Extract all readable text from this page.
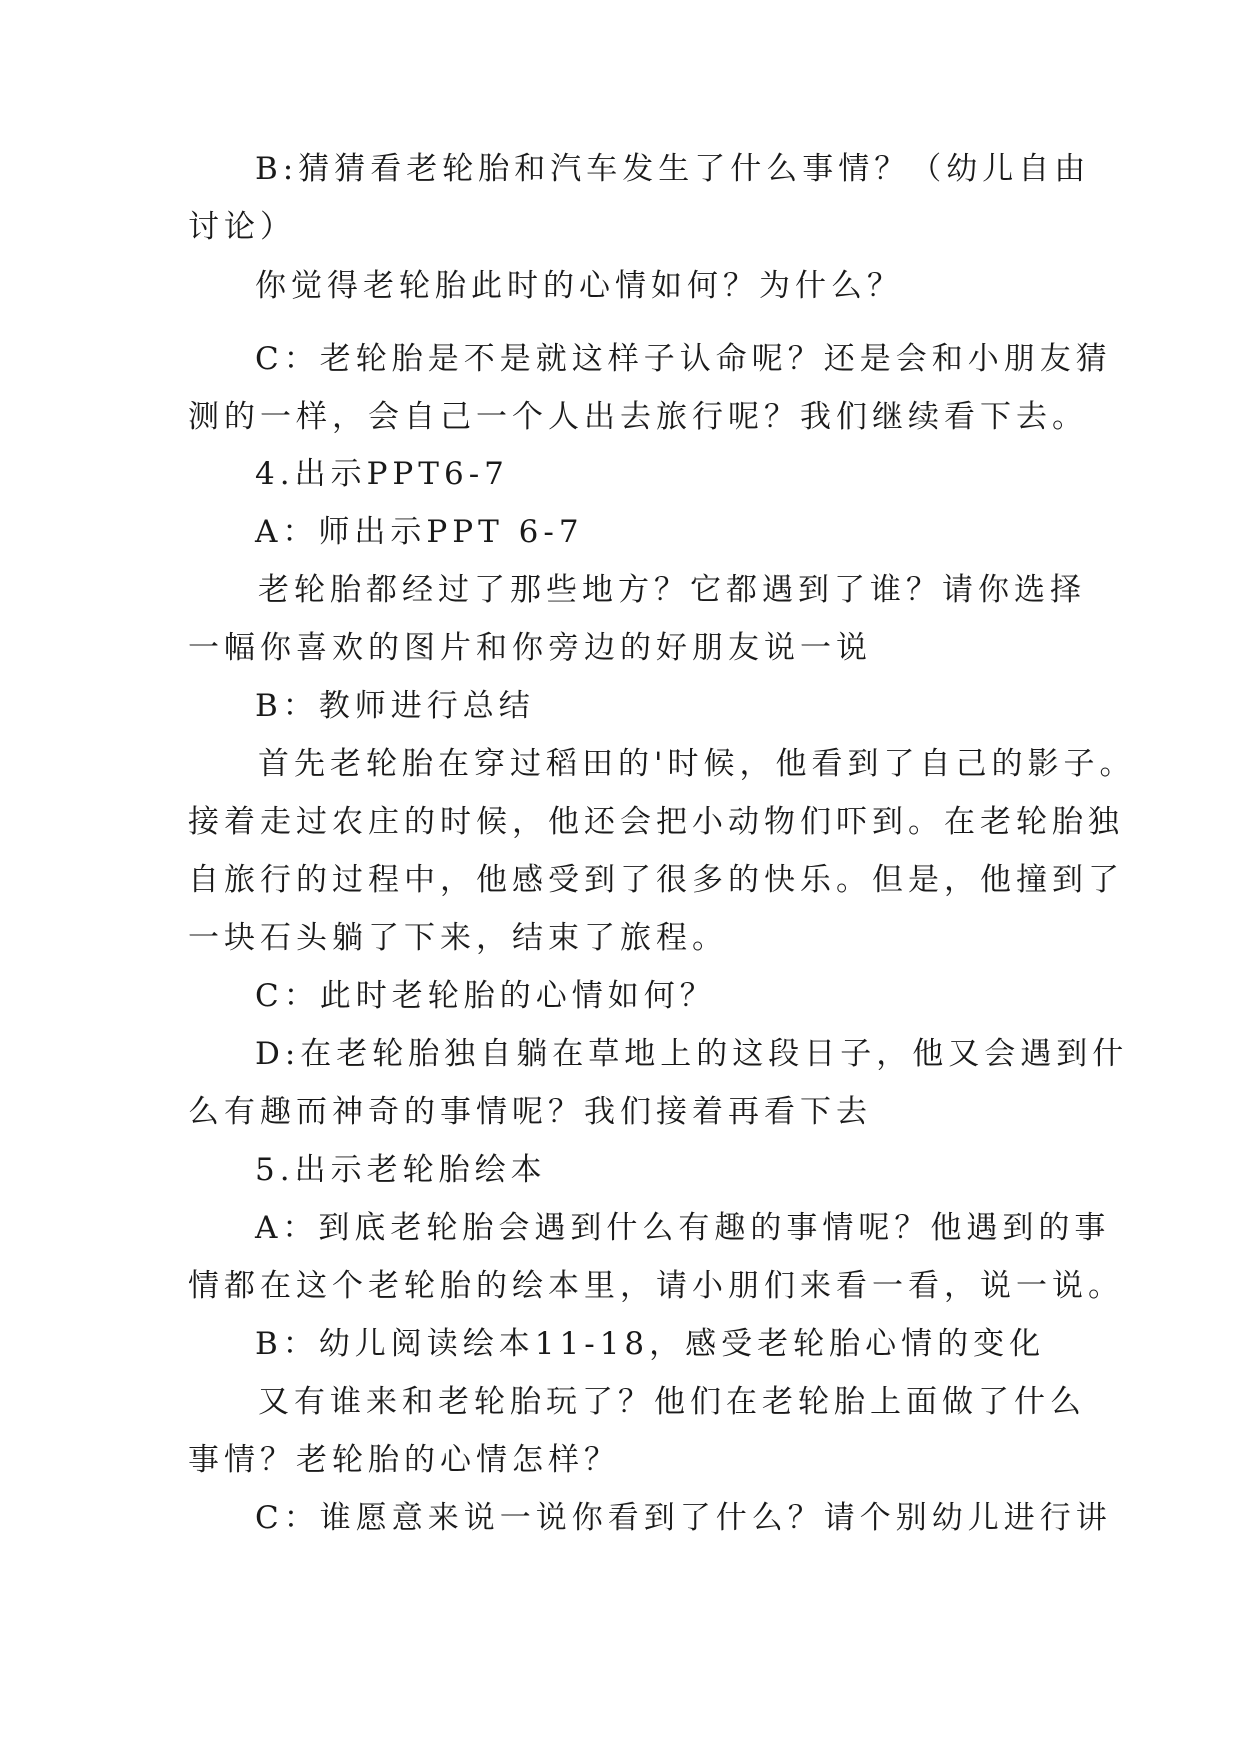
B:猜猜看老轮胎和汽车发生了什么事情？（幼儿自由
讨论）
你觉得老轮胎此时的心情如何？为什么？
C：老轮胎是不是就这样子认命呢？还是会和小朋友猜
测的一样，会自己一个人出去旅行呢？我们继续看下去。
4.出示PPT6-7
A：师出示PPT 6-7
老轮胎都经过了那些地方？它都遇到了谁？请你选择
一幅你喜欢的图片和你旁边的好朋友说一说
B：教师进行总结
首先老轮胎在穿过稻田的'时候，他看到了自己的影子。
接着走过农庄的时候，他还会把小动物们吓到。在老轮胎独
自旅行的过程中，他感受到了很多的快乐。但是，他撞到了
一块石头躺了下来，结束了旅程。
C：此时老轮胎的心情如何？
D:在老轮胎独自躺在草地上的这段日子，他又会遇到什
么有趣而神奇的事情呢？我们接着再看下去
5.出示老轮胎绘本
A：到底老轮胎会遇到什么有趣的事情呢？他遇到的事
情都在这个老轮胎的绘本里，请小朋们来看一看，说一说。
B：幼儿阅读绘本11-18，感受老轮胎心情的变化
又有谁来和老轮胎玩了？他们在老轮胎上面做了什么
事情？老轮胎的心情怎样？
C：谁愿意来说一说你看到了什么？请个别幼儿进行讲
